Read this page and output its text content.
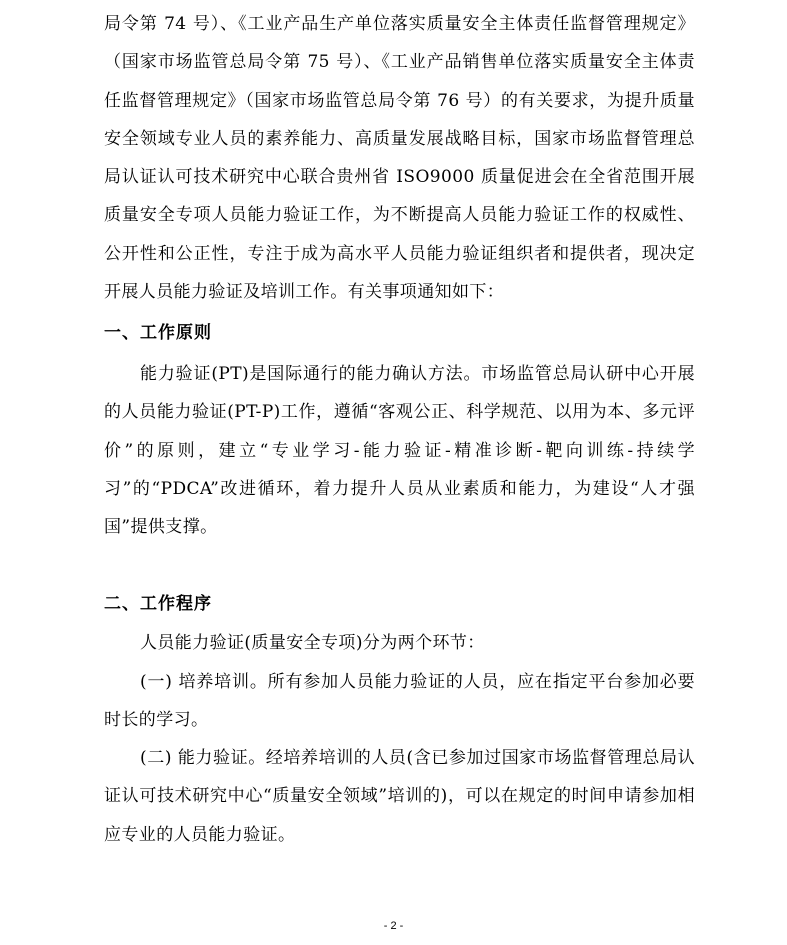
局令第 74 号）、《工业产品生产单位落实质量安全主体责任监督管理规定》（国家市场监管总局令第 75 号）、《工业产品销售单位落实质量安全主体责任监督管理规定》（国家市场监管总局令第 76 号）的有关要求，为提升质量安全领域专业人员的素养能力、高质量发展战略目标，国家市场监督管理总局认证认可技术研究中心联合贵州省 ISO9000 质量促进会在全省范围开展质量安全专项人员能力验证工作，为不断提高人员能力验证工作的权威性、公开性和公正性，专注于成为高水平人员能力验证组织者和提供者，现决定开展人员能力验证及培训工作。有关事项通知如下：

一、工作原则

能力验证(PT)是国际通行的能力确认方法。市场监管总局认研中心开展的人员能力验证(PT-P)工作，遵循“客观公正、科学规范、以用为本、多元评价”的原则，建立“专业学习-能力验证-精准诊断-靶向训练-持续学习”的“PDCA”改进循环，着力提升人员从业素质和能力，为建设“人才强国”提供支撑。

二、工作程序

人员能力验证(质量安全专项)分为两个环节：

(一) 培养培训。所有参加人员能力验证的人员，应在指定平台参加必要时长的学习。

(二) 能力验证。经培养培训的人员(含已参加过国家市场监督管理总局认证认可技术研究中心“质量安全领域”培训的)，可以在规定的时间申请参加相应专业的人员能力验证。

- 2 -
